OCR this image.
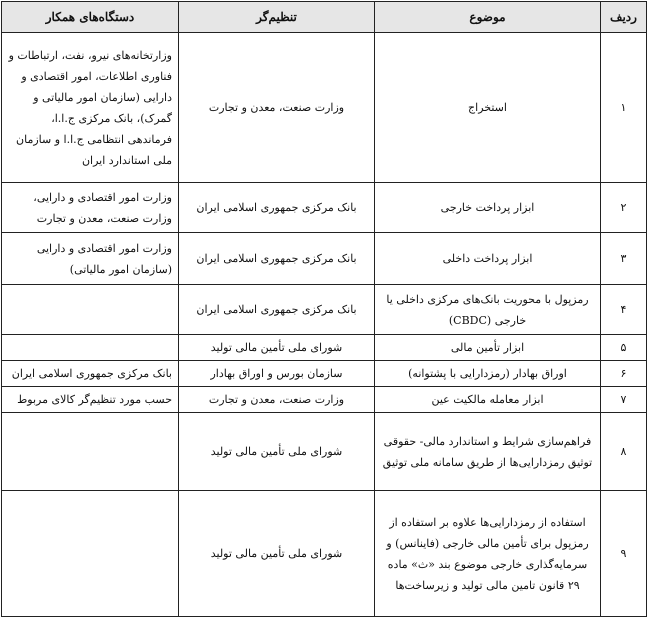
ردیف	موضوع	تنظیم‌گر	دستگاه‌های همکار
۱	استخراج	وزارت صنعت، معدن و تجارت	وزارتخانه‌های نیرو، نفت، ارتباطات و فناوری اطلاعات، امور اقتصادی و دارایی (سازمان امور مالیاتی و گمرک)، بانک مرکزی ج.ا.ا، فرماندهی انتظامی ج.ا.ا و سازمان ملی استاندارد ایران
۲	ابزار پرداخت خارجی	بانک مرکزی جمهوری اسلامی ایران	وزارت امور اقتصادی و دارایی، وزارت صنعت، معدن و تجارت
۳	ابزار پرداخت داخلی	بانک مرکزی جمهوری اسلامی ایران	وزارت امور اقتصادی و دارایی (سازمان امور مالیاتی)
۴	رمزپول با محوریت بانک‌های مرکزی داخلی یا خارجی (CBDC)	بانک مرکزی جمهوری اسلامی ایران	
۵	ابزار تأمین مالی	شورای ملی تأمین مالی تولید	
۶	اوراق بهادار (رمزدارایی با پشتوانه)	سازمان بورس و اوراق بهادار	بانک مرکزی جمهوری اسلامی ایران
۷	ابزار معامله مالکیت عین	وزارت صنعت، معدن و تجارت	حسب مورد تنظیم‌گر کالای مربوط
۸	فراهم‌سازی شرایط و استاندارد مالی- حقوقی توثیق رمزدارایی‌ها از طریق سامانه ملی توثیق	شورای ملی تأمین مالی تولید	
۹	استفاده از رمزدارایی‌ها علاوه بر استفاده از رمزپول برای تأمین مالی خارجی (فاینانس) و سرمایه‌گذاری خارجی موضوع بند «ث» ماده ۲۹ قانون تامین مالی تولید و زیرساخت‌ها	شورای ملی تأمین مالی تولید	
